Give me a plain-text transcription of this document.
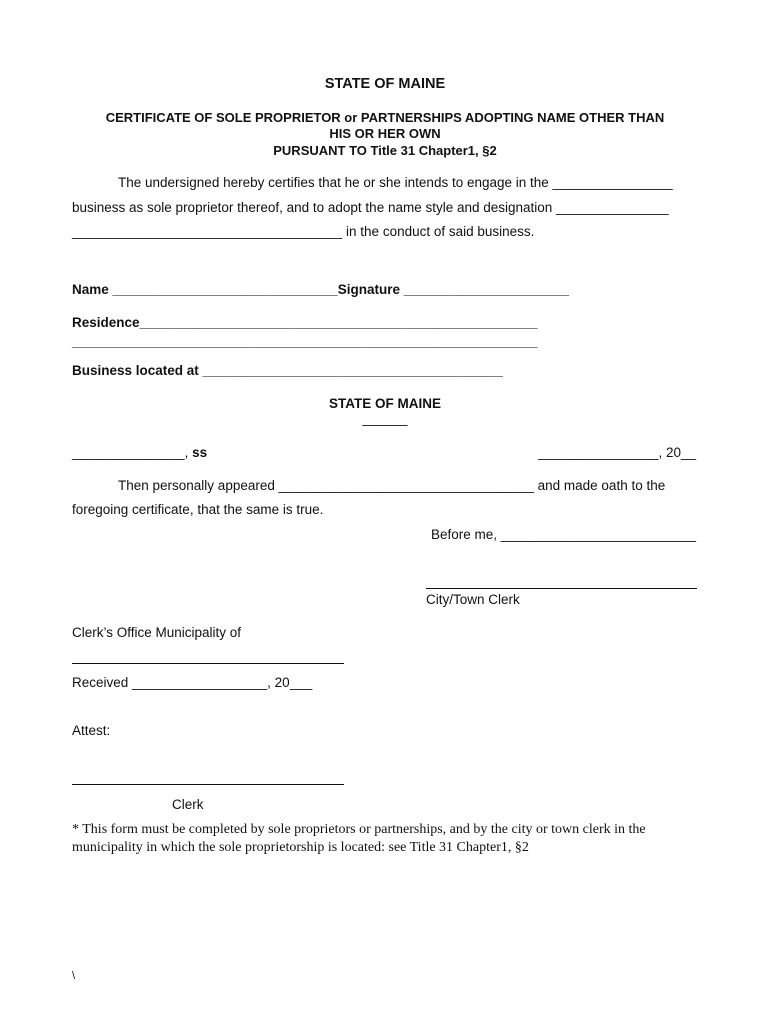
STATE OF MAINE
CERTIFICATE OF SOLE PROPRIETOR or PARTNERSHIPS ADOPTING NAME OTHER THAN
HIS OR HER OWN
PURSUANT TO Title 31 Chapter1, §2
The undersigned hereby certifies that he or she intends to engage in the ________________
business as sole proprietor thereof, and to adopt the name style and designation _______________
____________________________________ in the conduct of said business.
Name ______________________________Signature ______________________
Residence_____________________________________________________
______________________________________________________________
Business located at ________________________________________
STATE OF MAINE
______
_______________, ss	________________, 20__
Then personally appeared __________________________________ and made oath to the
foregoing certificate, that the same is true.
Before me, __________________________
City/Town Clerk
Clerk’s Office Municipality of
Received __________________, 20___
Attest:
Clerk
* This form must be completed by sole proprietors or partnerships, and by the city or town clerk in the
municipality in which the sole proprietorship is located: see Title 31 Chapter1, §2
\
